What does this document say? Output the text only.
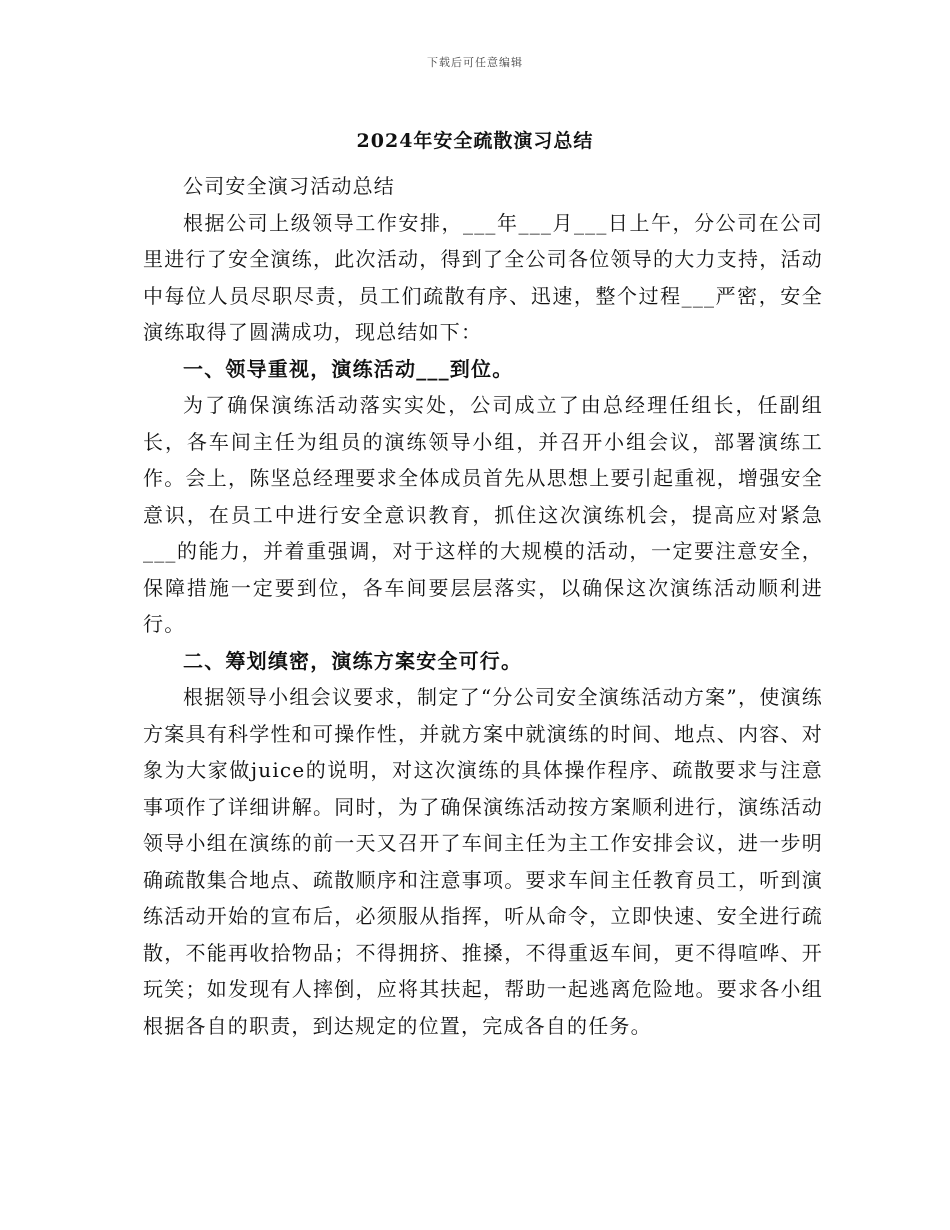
下载后可任意编辑
2024年安全疏散演习总结

公司安全演习活动总结

根据公司上级领导工作安排，___年___月___日上午，分公司在公司里进行了安全演练，此次活动，得到了全公司各位领导的大力支持，活动中每位人员尽职尽责，员工们疏散有序、迅速，整个过程___严密，安全演练取得了圆满成功，现总结如下：

一、领导重视，演练活动___到位。

为了确保演练活动落实实处，公司成立了由总经理任组长，任副组长，各车间主任为组员的演练领导小组，并召开小组会议，部署演练工作。会上，陈坚总经理要求全体成员首先从思想上要引起重视，增强安全意识，在员工中进行安全意识教育，抓住这次演练机会，提高应对紧急___的能力，并着重强调，对于这样的大规模的活动，一定要注意安全，保障措施一定要到位，各车间要层层落实，以确保这次演练活动顺利进行。

二、筹划缜密，演练方案安全可行。

根据领导小组会议要求，制定了“分公司安全演练活动方案”，使演练方案具有科学性和可操作性，并就方案中就演练的时间、地点、内容、对象为大家做juice的说明，对这次演练的具体操作程序、疏散要求与注意事项作了详细讲解。同时，为了确保演练活动按方案顺利进行，演练活动领导小组在演练的前一天又召开了车间主任为主工作安排会议，进一步明确疏散集合地点、疏散顺序和注意事项。要求车间主任教育员工，听到演练活动开始的宣布后，必须服从指挥，听从命令，立即快速、安全进行疏散，不能再收拾物品；不得拥挤、推搡，不得重返车间，更不得喧哗、开玩笑；如发现有人摔倒，应将其扶起，帮助一起逃离危险地。要求各小组根据各自的职责，到达规定的位置，完成各自的任务。
